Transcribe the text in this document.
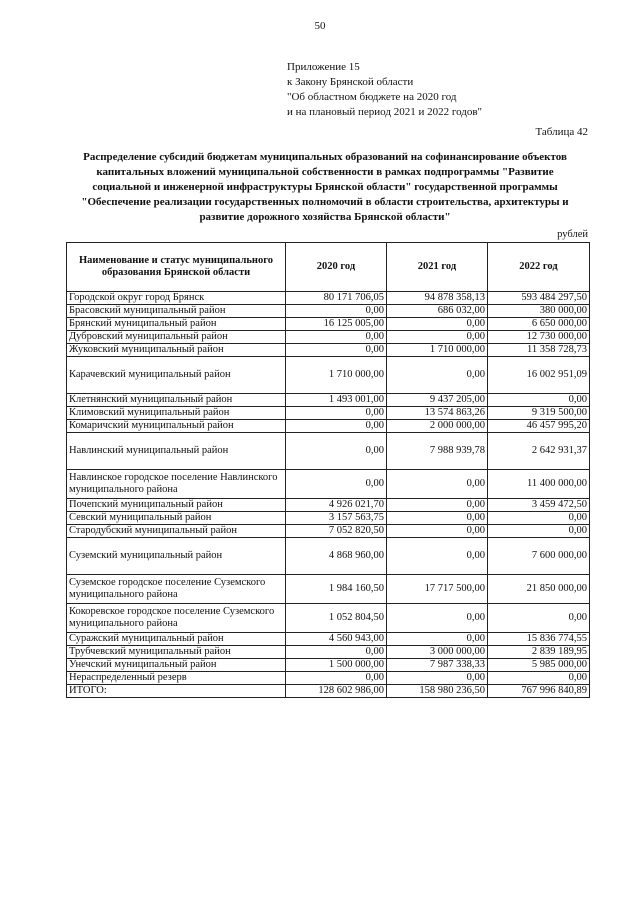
50
Приложение 15
к Закону Брянской области
"Об областном бюджете на 2020 год
и на плановый период 2021 и 2022 годов"
Таблица 42
Распределение субсидий бюджетам муниципальных образований на софинансирование объектов
капитальных вложений муниципальной собственности в рамках подпрограммы "Развитие
социальной и инженерной инфраструктуры Брянской области" государственной программы
"Обеспечение реализации государственных полномочий в области строительства, архитектуры и
развитие дорожного хозяйства Брянской области"
рублей
Наименование и статус муниципального образования Брянской области	2020 год	2021 год	2022 год
Городской округ город Брянск	80 171 706,05	94 878 358,13	593 484 297,50
Брасовский муниципальный район	0,00	686 032,00	380 000,00
Брянский муниципальный район	16 125 005,00	0,00	6 650 000,00
Дубровский муниципальный район	0,00	0,00	12 730 000,00
Жуковский муниципальный район	0,00	1 710 000,00	11 358 728,73
Карачевский муниципальный район	1 710 000,00	0,00	16 002 951,09
Клетнянский муниципальный район	1 493 001,00	9 437 205,00	0,00
Климовский муниципальный район	0,00	13 574 863,26	9 319 500,00
Комаричский муниципальный район	0,00	2 000 000,00	46 457 995,20
Навлинский муниципальный район	0,00	7 988 939,78	2 642 931,37
Навлинское городское поселение Навлинского муниципального района	0,00	0,00	11 400 000,00
Почепский муниципальный район	4 926 021,70	0,00	3 459 472,50
Севский муниципальный район	3 157 563,75	0,00	0,00
Стародубский муниципальный район	7 052 820,50	0,00	0,00
Суземский муниципальный район	4 868 960,00	0,00	7 600 000,00
Суземское городское поселение Суземского муниципального района	1 984 160,50	17 717 500,00	21 850 000,00
Кокоревское городское поселение Суземского муниципального района	1 052 804,50	0,00	0,00
Суражский муниципальный район	4 560 943,00	0,00	15 836 774,55
Трубчевский муниципальный район	0,00	3 000 000,00	2 839 189,95
Унечский муниципальный район	1 500 000,00	7 987 338,33	5 985 000,00
Нераспределенный резерв	0,00	0,00	0,00
ИТОГО:	128 602 986,00	158 980 236,50	767 996 840,89
